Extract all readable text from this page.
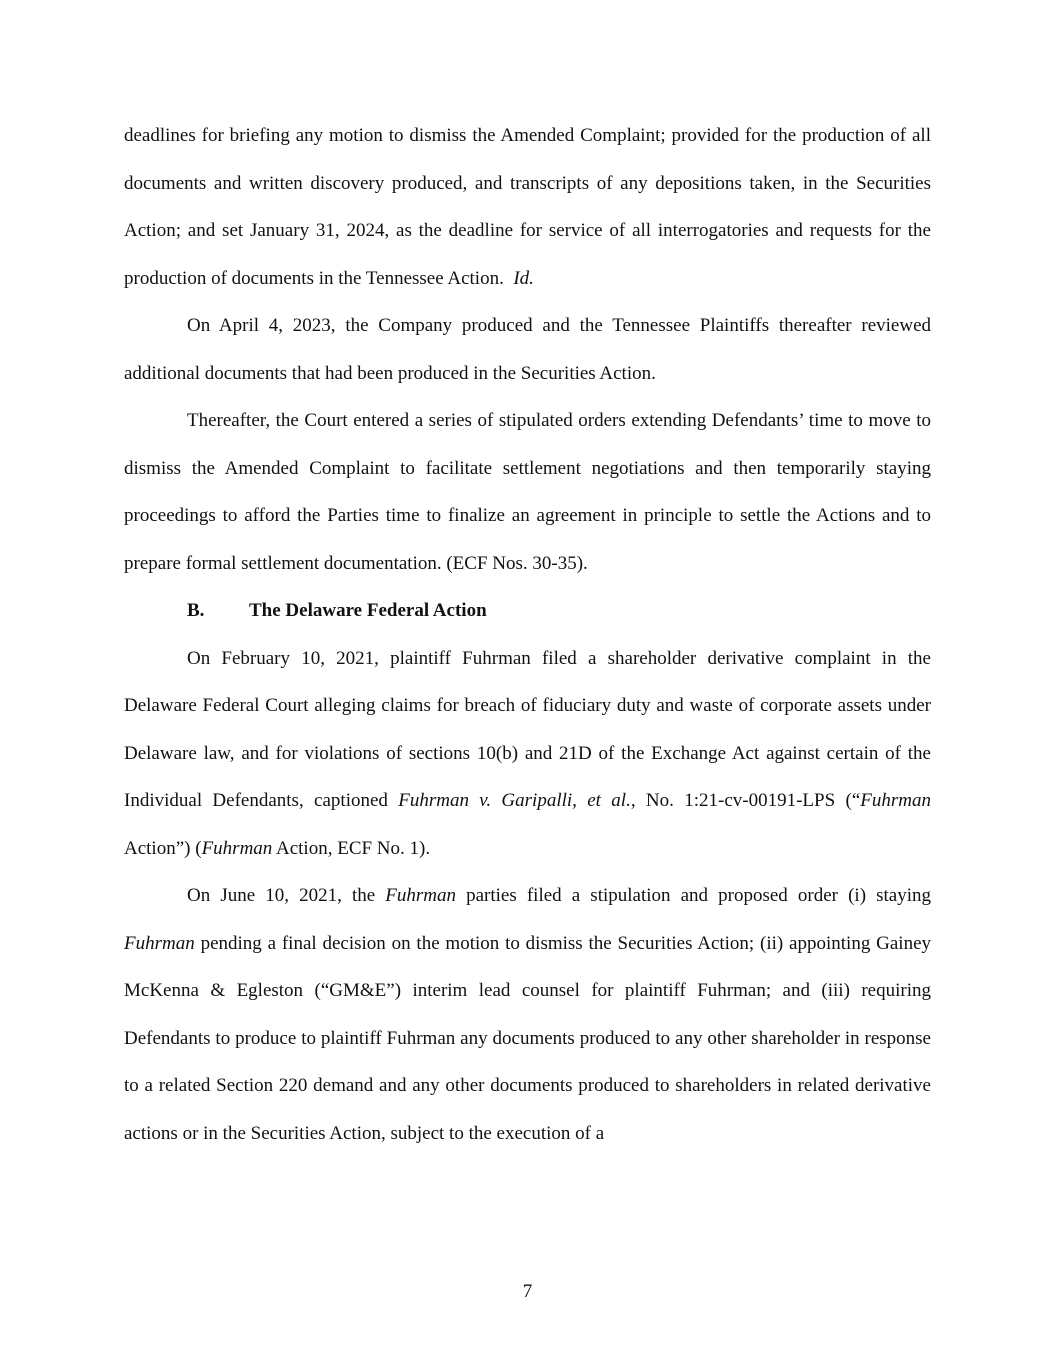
deadlines for briefing any motion to dismiss the Amended Complaint; provided for the production of all documents and written discovery produced, and transcripts of any depositions taken, in the Securities Action; and set January 31, 2024, as the deadline for service of all interrogatories and requests for the production of documents in the Tennessee Action. Id.

On April 4, 2023, the Company produced and the Tennessee Plaintiffs thereafter reviewed additional documents that had been produced in the Securities Action.

Thereafter, the Court entered a series of stipulated orders extending Defendants’ time to move to dismiss the Amended Complaint to facilitate settlement negotiations and then temporarily staying proceedings to afford the Parties time to finalize an agreement in principle to settle the Actions and to prepare formal settlement documentation. (ECF Nos. 30-35).

B. The Delaware Federal Action

On February 10, 2021, plaintiff Fuhrman filed a shareholder derivative complaint in the Delaware Federal Court alleging claims for breach of fiduciary duty and waste of corporate assets under Delaware law, and for violations of sections 10(b) and 21D of the Exchange Act against certain of the Individual Defendants, captioned Fuhrman v. Garipalli, et al., No. 1:21-cv-00191-LPS (“Fuhrman Action”) (Fuhrman Action, ECF No. 1).

On June 10, 2021, the Fuhrman parties filed a stipulation and proposed order (i) staying Fuhrman pending a final decision on the motion to dismiss the Securities Action; (ii) appointing Gainey McKenna & Egleston (“GM&E”) interim lead counsel for plaintiff Fuhrman; and (iii) requiring Defendants to produce to plaintiff Fuhrman any documents produced to any other shareholder in response to a related Section 220 demand and any other documents produced to shareholders in related derivative actions or in the Securities Action, subject to the execution of a

7
